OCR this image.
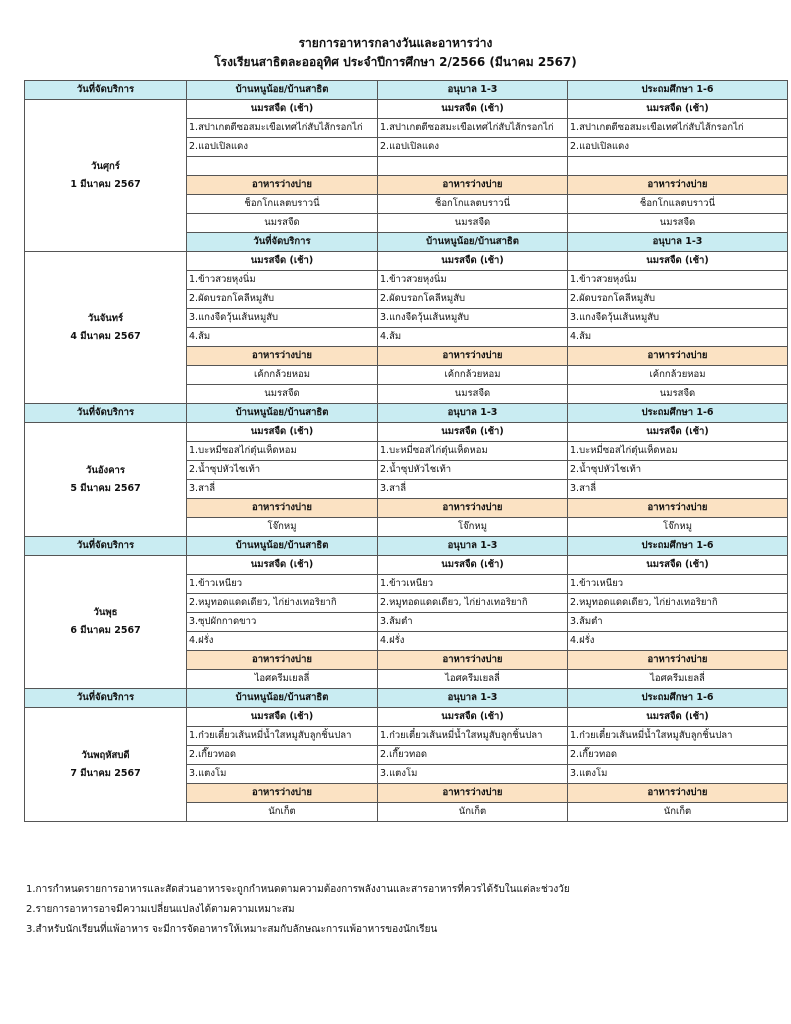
รายการอาหารกลางวันและอาหารว่าง
โรงเรียนสาธิตละอออุทิศ ประจำปีการศึกษา 2/2566 (มีนาคม 2567)
วันที่จัดบริการ	บ้านหนูน้อย/บ้านสาธิต	อนุบาล 1-3	ประถมศึกษา 1-6	

วันศุกร์
1 มีนาคม 2567	นมรสจืด (เช้า)	นมรสจืด (เช้า)	นมรสจืด (เช้า)	
	1.สปาเกตตีซอสมะเขือเทศไก่สับไส้กรอกไก่	1.สปาเกตตีซอสมะเขือเทศไก่สับไส้กรอกไก่	1.สปาเกตตีซอสมะเขือเทศไก่สับไส้กรอกไก่	
	2.แอปเปิลแดง	2.แอปเปิลแดง	2.แอปเปิลแดง	

	อาหารว่างบ่าย	อาหารว่างบ่าย	อาหารว่างบ่าย	
	ช็อกโกแลตบราวนี่	ช็อกโกแลตบราวนี่	ช็อกโกแลตบราวนี่	
	นมรสจืด	นมรสจืด	นมรสจืด	
	วันที่จัดบริการ	บ้านหนูน้อย/บ้านสาธิต	อนุบาล 1-3	

วันจันทร์
4 มีนาคม 2567	นมรสจืด (เช้า)	นมรสจืด (เช้า)	นมรสจืด (เช้า)	
	1.ข้าวสวยหุงนิ่ม	1.ข้าวสวยหุงนิ่ม	1.ข้าวสวยหุงนิ่ม	
	2.ผัดบรอกโคลีหมูสับ	2.ผัดบรอกโคลีหมูสับ	2.ผัดบรอกโคลีหมูสับ	
	3.แกงจืดวุ้นเส้นหมูสับ	3.แกงจืดวุ้นเส้นหมูสับ	3.แกงจืดวุ้นเส้นหมูสับ	
	4.ส้ม	4.ส้ม	4.ส้ม	
	อาหารว่างบ่าย	อาหารว่างบ่าย	อาหารว่างบ่าย	
	เค้กกล้วยหอม	เค้กกล้วยหอม	เค้กกล้วยหอม	
	นมรสจืด	นมรสจืด	นมรสจืด	
วันที่จัดบริการ	บ้านหนูน้อย/บ้านสาธิต	อนุบาล 1-3	ประถมศึกษา 1-6	

วันอังคาร
5 มีนาคม 2567	นมรสจืด (เช้า)	นมรสจืด (เช้า)	นมรสจืด (เช้า)	
	1.บะหมี่ซอสไก่ตุ๋นเห็ดหอม	1.บะหมี่ซอสไก่ตุ๋นเห็ดหอม	1.บะหมี่ซอสไก่ตุ๋นเห็ดหอม	
	2.น้ำซุปหัวไชเท้า	2.น้ำซุปหัวไชเท้า	2.น้ำซุปหัวไชเท้า	
	3.สาลี่	3.สาลี่	3.สาลี่	
	อาหารว่างบ่าย	อาหารว่างบ่าย	อาหารว่างบ่าย	
	โจ๊กหมู	โจ๊กหมู	โจ๊กหมู	
วันที่จัดบริการ	บ้านหนูน้อย/บ้านสาธิต	อนุบาล 1-3	ประถมศึกษา 1-6	

วันพุธ
6 มีนาคม 2567	นมรสจืด (เช้า)	นมรสจืด (เช้า)	นมรสจืด (เช้า)	
	1.ข้าวเหนียว	1.ข้าวเหนียว	1.ข้าวเหนียว	
	2.หมูทอดแดดเดียว, ไก่ย่างเทอริยากิ	2.หมูทอดแดดเดียว, ไก่ย่างเทอริยากิ	2.หมูทอดแดดเดียว, ไก่ย่างเทอริยากิ	
	3.ซุปผักกาดขาว	3.ส้มตำ	3.ส้มตำ	
	4.ฝรั่ง	4.ฝรั่ง	4.ฝรั่ง	
	อาหารว่างบ่าย	อาหารว่างบ่าย	อาหารว่างบ่าย	
	ไอศครีมเยลลี่	ไอศครีมเยลลี่	ไอศครีมเยลลี่	
วันที่จัดบริการ	บ้านหนูน้อย/บ้านสาธิต	อนุบาล 1-3	ประถมศึกษา 1-6	

วันพฤหัสบดี
7 มีนาคม 2567	นมรสจืด (เช้า)	นมรสจืด (เช้า)	นมรสจืด (เช้า)	
	1.ก๋วยเตี๋ยวเส้นหมี่น้ำใสหมูสับลูกชิ้นปลา	1.ก๋วยเตี๋ยวเส้นหมี่น้ำใสหมูสับลูกชิ้นปลา	1.ก๋วยเตี๋ยวเส้นหมี่น้ำใสหมูสับลูกชิ้นปลา	
	2.เกี๊ยวทอด	2.เกี๊ยวทอด	2.เกี๊ยวทอด	
	3.แตงโม	3.แตงโม	3.แตงโม	
	อาหารว่างบ่าย	อาหารว่างบ่าย	อาหารว่างบ่าย	
	นักเก็ต	นักเก็ต	นักเก็ต	
1.การกำหนดรายการอาหารและสัดส่วนอาหารจะถูกกำหนดตามความต้องการพลังงานและสารอาหารที่ควรได้รับในแต่ละช่วงวัย
2.รายการอาหารอาจมีความเปลี่ยนแปลงได้ตามความเหมาะสม
3.สำหรับนักเรียนที่แพ้อาหาร จะมีการจัดอาหารให้เหมาะสมกับลักษณะการแพ้อาหารของนักเรียน
